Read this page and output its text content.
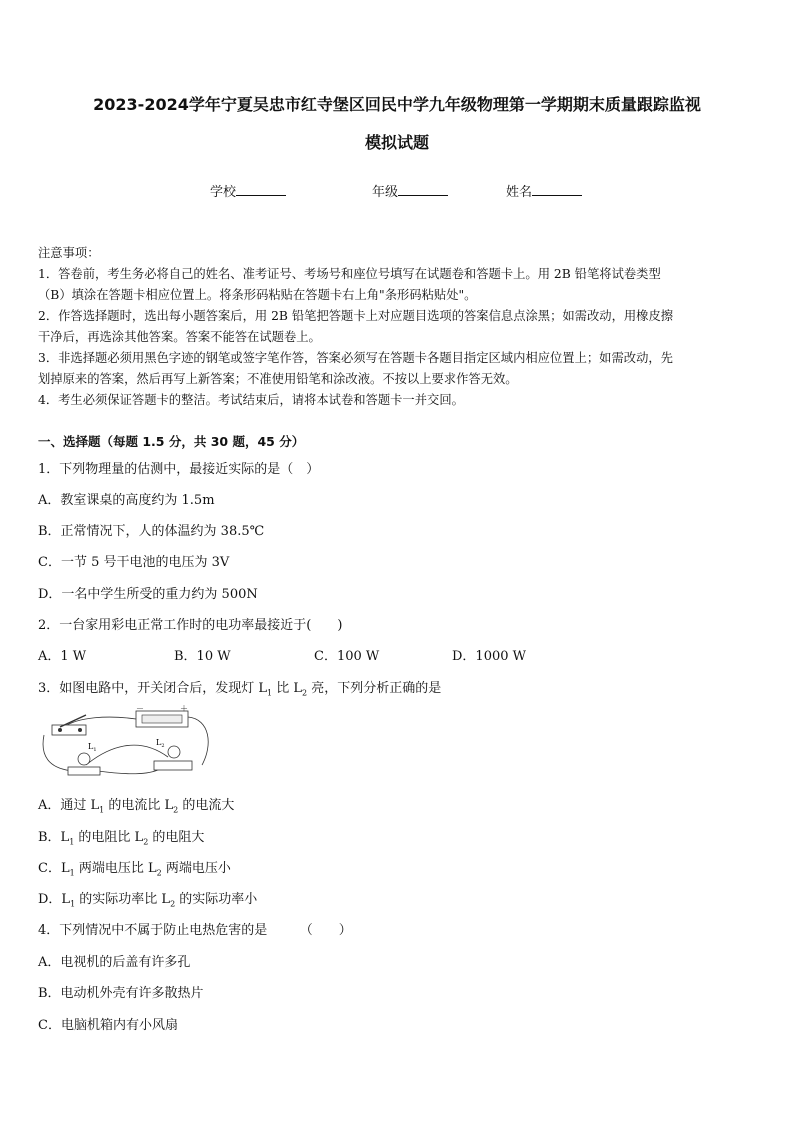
2023-2024学年宁夏吴忠市红寺堡区回民中学九年级物理第一学期期末质量跟踪监视
模拟试题
学校	年级	姓名
注意事项：
1．答卷前，考生务必将自己的姓名、准考证号、考场号和座位号填写在试题卷和答题卡上。用 2B 铅笔将试卷类型
（B）填涂在答题卡相应位置上。将条形码粘贴在答题卡右上角"条形码粘贴处"。
2．作答选择题时，选出每小题答案后，用 2B 铅笔把答题卡上对应题目选项的答案信息点涂黑；如需改动，用橡皮擦
干净后，再选涂其他答案。答案不能答在试题卷上。
3．非选择题必须用黑色字迹的钢笔或签字笔作答，答案必须写在答题卡各题目指定区域内相应位置上；如需改动，先
划掉原来的答案，然后再写上新答案；不准使用铅笔和涂改液。不按以上要求作答无效。
4．考生必须保证答题卡的整洁。考试结束后，请将本试卷和答题卡一并交回。
一、选择题（每题 1.5 分，共 30 题，45 分）
1．下列物理量的估测中，最接近实际的是（　）
A．教室课桌的高度约为 1.5m
B．正常情况下，人的体温约为 38.5℃
C．一节 5 号干电池的电压为 3V
D．一名中学生所受的重力约为 500N
2．一台家用彩电正常工作时的电功率最接近于(　　)
A．1 W	B．10 W	C．100 W	D．1000 W
3．如图电路中，开关闭合后，发现灯 $L_1$ 比 $L_2$ 亮，下列分析正确的是
－	＋
$L_1$
$L_2$
A．通过 $L_1$ 的电流比 $L_2$ 的电流大
B．$L_1$ 的电阻比 $L_2$ 的电阻大
C．$L_1$ 两端电压比 $L_2$ 两端电压小
D．$L_1$ 的实际功率比 $L_2$ 的实际功率小
4．下列情况中不属于防止电热危害的是　　　（　　）
A．电视机的后盖有许多孔
B．电动机外壳有许多散热片
C．电脑机箱内有小风扇
